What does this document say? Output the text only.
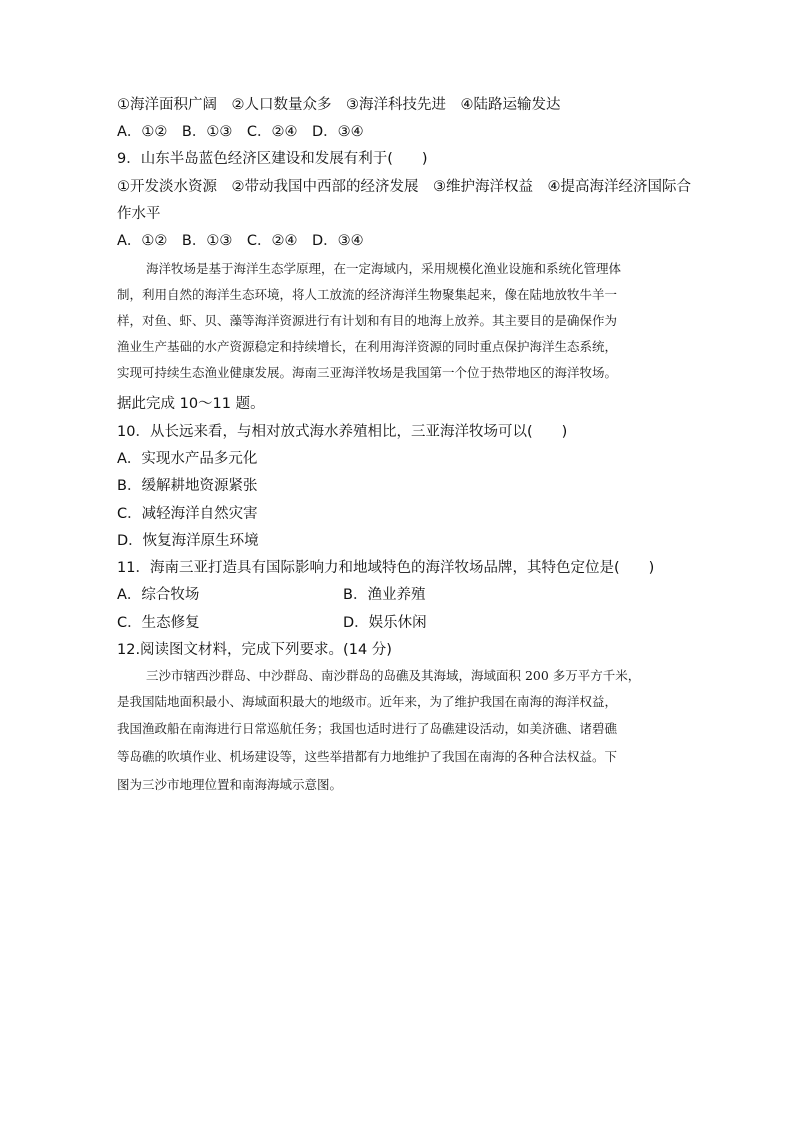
①海洋面积广阔　②人口数量众多　③海洋科技先进　④陆路运输发达
A．①②　B．①③　C．②④　D．③④
9．山东半岛蓝色经济区建设和发展有利于(　　)
①开发淡水资源　②带动我国中西部的经济发展　③维护海洋权益　④提高海洋经济国际合
作水平
A．①②　B．①③　C．②④　D．③④
海洋牧场是基于海洋生态学原理，在一定海域内，采用规模化渔业设施和系统化管理体
制，利用自然的海洋生态环境，将人工放流的经济海洋生物聚集起来，像在陆地放牧牛羊一
样，对鱼、虾、贝、藻等海洋资源进行有计划和有目的地海上放养。其主要目的是确保作为
渔业生产基础的水产资源稳定和持续增长，在利用海洋资源的同时重点保护海洋生态系统，
实现可持续生态渔业健康发展。海南三亚海洋牧场是我国第一个位于热带地区的海洋牧场。
据此完成 10～11 题。
10．从长远来看，与相对放式海水养殖相比，三亚海洋牧场可以(　　)
A．实现水产品多元化
B．缓解耕地资源紧张
C．减轻海洋自然灾害
D．恢复海洋原生环境
11．海南三亚打造具有国际影响力和地域特色的海洋牧场品牌，其特色定位是(　　)
A．综合牧场	B．渔业养殖
C．生态修复	D．娱乐休闲
12.阅读图文材料，完成下列要求。(14 分)
三沙市辖西沙群岛、中沙群岛、南沙群岛的岛礁及其海域，海域面积 200 多万平方千米，
是我国陆地面积最小、海域面积最大的地级市。近年来，为了维护我国在南海的海洋权益，
我国渔政船在南海进行日常巡航任务；我国也适时进行了岛礁建设活动，如美济礁、诸碧礁
等岛礁的吹填作业、机场建设等，这些举措都有力地维护了我国在南海的各种合法权益。下
图为三沙市地理位置和南海海域示意图。
